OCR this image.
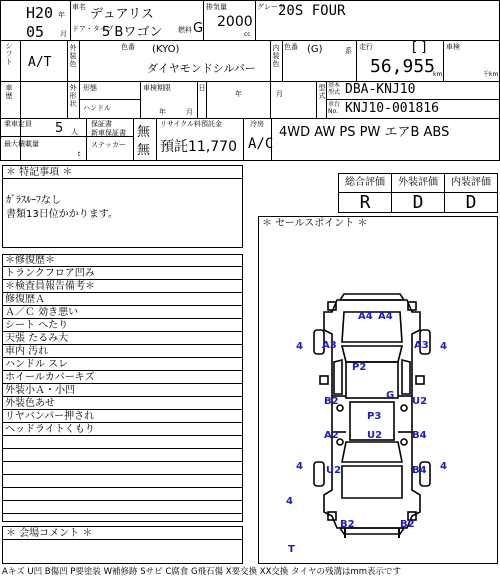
H20 年
05 月
車名 デュアリス
ドア・タイプ
5 Bワゴン 燃料 G
排気量
2000
cc
グレード
20S FOUR
シフト A/T
外装色
色番 (KYO)
ダイヤモンドシルバー
内装色
色番 (G)	系 走行	[ ]
56,955
km
車検
千km
車歴
外形状
形態
ハンドル
車検期限
年	月
日
年	月
型式
基本型式 DBA-KNJ10
車台No. KNJ10-001816
乗車定員 5 人
最大積載量
t
保証書
新車保証書 無
ステッカー 無
リサイクル料預託金
預託11,770
冷房
A/C
4WD AW PS PW エアB ABS
＊ 特記事項 ＊
ｶﾞﾗｽﾙｰﾌなし
書類13日位かかります。
＊修復歴＊
トランクフロア凹み
＊検査員報告備考＊
修復歴Ａ
Ａ／Ｃ 効き悪い
シート へたり
天張 たるみ大
車内 汚れ
ハンドル スレ
ホイールカバーキズ
外装小Ａ・小凹
外装色あせ
リヤバンパー押され
ヘッドライトくもり
＊ 会場コメント ＊
総合評価	外装評価	内装評価
R	D	D
＊ セールスポイント ＊
A4 A4
A3	A3
4	4
P2
G
B2	U2
P3
A2	U2	B4
U2	B4
4	4
4
B2	B2
T
Aキズ U凹 B傷凹 P要塗装 W補修跡 Sサビ C腐食 G飛石傷 X要交換 XX交換 タイヤの残溝はmm表示です
